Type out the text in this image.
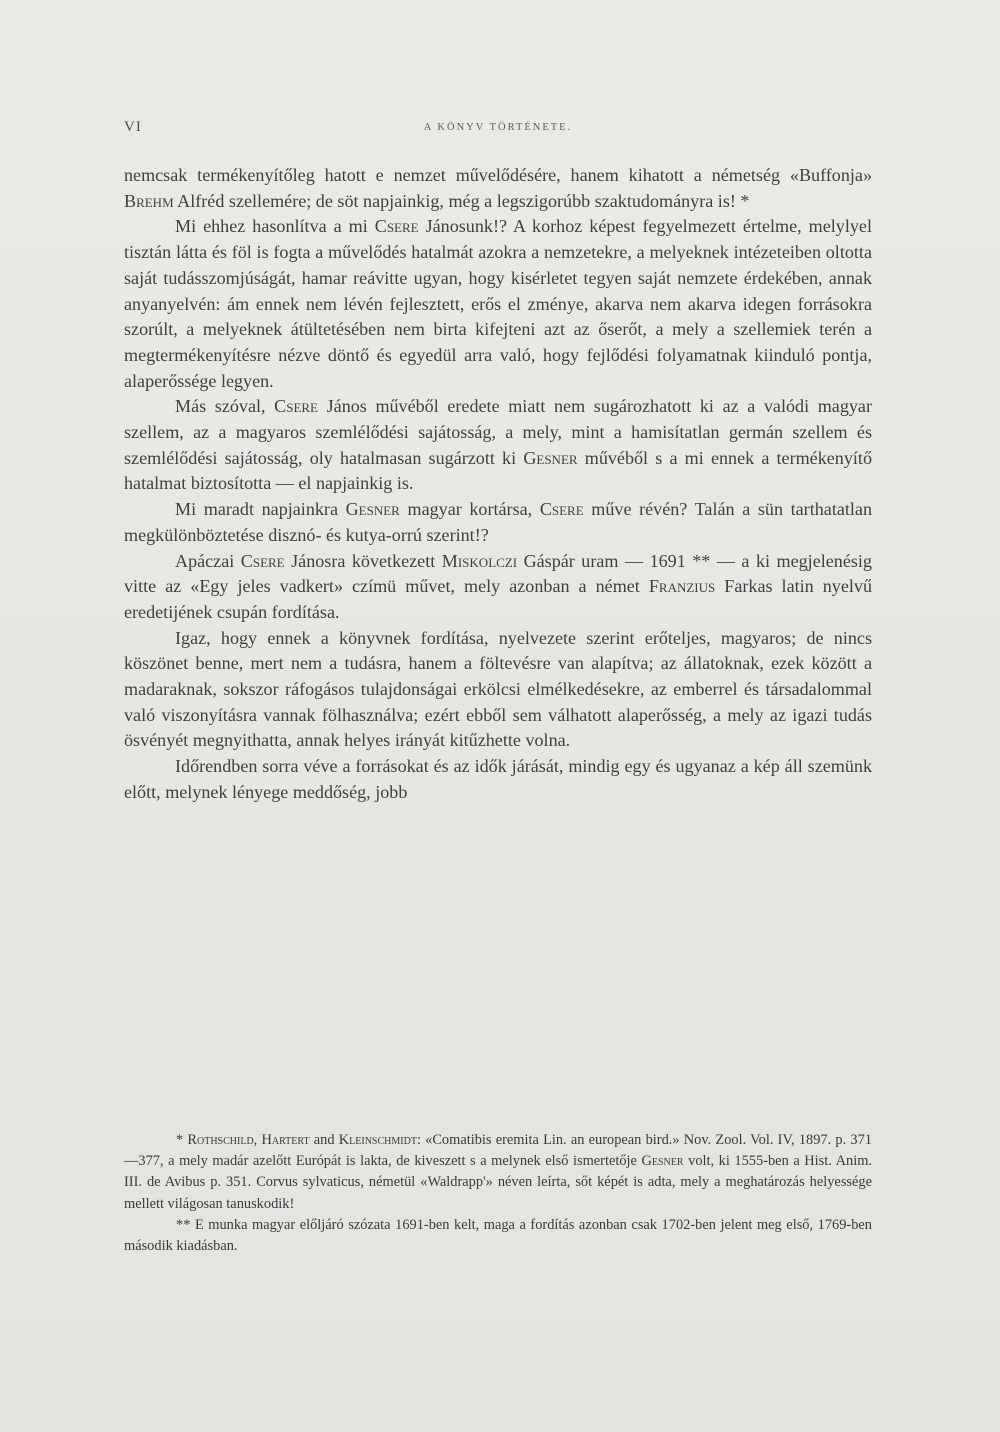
VI	A KÖNYV TÖRTÉNETE.

nemcsak termékenyítőleg hatott e nemzet művelődésére, hanem kihatott a németség «Buffonja» Brehm Alfréd szellemére; de söt napjainkig, még a legszigorúbb szaktudományra is! *

Mi ehhez hasonlítva a mi Csere Jánosunk!? A korhoz képest fegyelmezett értelme, melylyel tisztán látta és föl is fogta a művelődés hatalmát azokra a nemzetekre, a melyeknek intézeteiben oltotta saját tudásszomjúságát, hamar reávitte ugyan, hogy kisérletet tegyen saját nemzete érdekében, annak anyanyelvén: ám ennek nem lévén fejlesztett, erős el zménye, akarva nem akarva idegen forrásokra szorúlt, a melyeknek átültetésében nem birta kifejteni azt az őserőt, a mely a szellemiek terén a megtermékenyítésre nézve döntő és egyedül arra való, hogy fejlődési folyamatnak kiinduló pontja, alaperőssége legyen.

Más szóval, Csere János művéből eredete miatt nem sugározhatott ki az a valódi magyar szellem, az a magyaros szemlélődési sajátosság, a mely, mint a hamisítatlan germán szellem és szemlélődési sajátosság, oly hatalmasan sugárzott ki Gesner művéből s a mi ennek a termékenyítő hatalmat biztosította — el napjainkig is.

Mi maradt napjainkra Gesner magyar kortársa, Csere műve révén? Talán a sün tarthatatlan megkülönböztetése disznó- és kutya-orrú szerint!?

Apáczai Csere Jánosra következett Miskolczi Gáspár uram — 1691 ** — a ki megjelenésig vitte az «Egy jeles vadkert» czímü művet, mely azonban a német Franzius Farkas latin nyelvű eredetijének csupán fordítása.

Igaz, hogy ennek a könyvnek fordítása, nyelvezete szerint erőteljes, magyaros; de nincs köszönet benne, mert nem a tudásra, hanem a föltevésre van alapítva; az állatoknak, ezek között a madaraknak, sokszor ráfogásos tulajdonságai erkölcsi elmélkedésekre, az emberrel és társadalommal való viszonyításra vannak fölhasználva; ezért ebből sem válhatott alaperősség, a mely az igazi tudás ösvényét megnyithatta, annak helyes irányát kitűzhette volna.

Időrendben sorra véve a forrásokat és az idők járását, mindig egy és ugyanaz a kép áll szemünk előtt, melynek lényege meddőség, jobb

* Rothschild, Hartert and Kleinschmidt: «Comatibis eremita Lin. an european bird.» Nov. Zool. Vol. IV, 1897. p. 371—377, a mely madár azelőtt Európát is lakta, de kiveszett s a melynek első ismertetője Gesner volt, ki 1555-ben a Hist. Anim. III. de Avibus p. 351. Corvus sylvaticus, németül «Waldrapp'» néven leírta, sőt képét is adta, mely a meghatározás helyessége mellett világosan tanuskodik!

** E munka magyar előljáró szózata 1691-ben kelt, maga a fordítás azonban csak 1702-ben jelent meg első, 1769-ben második kiadásban.
